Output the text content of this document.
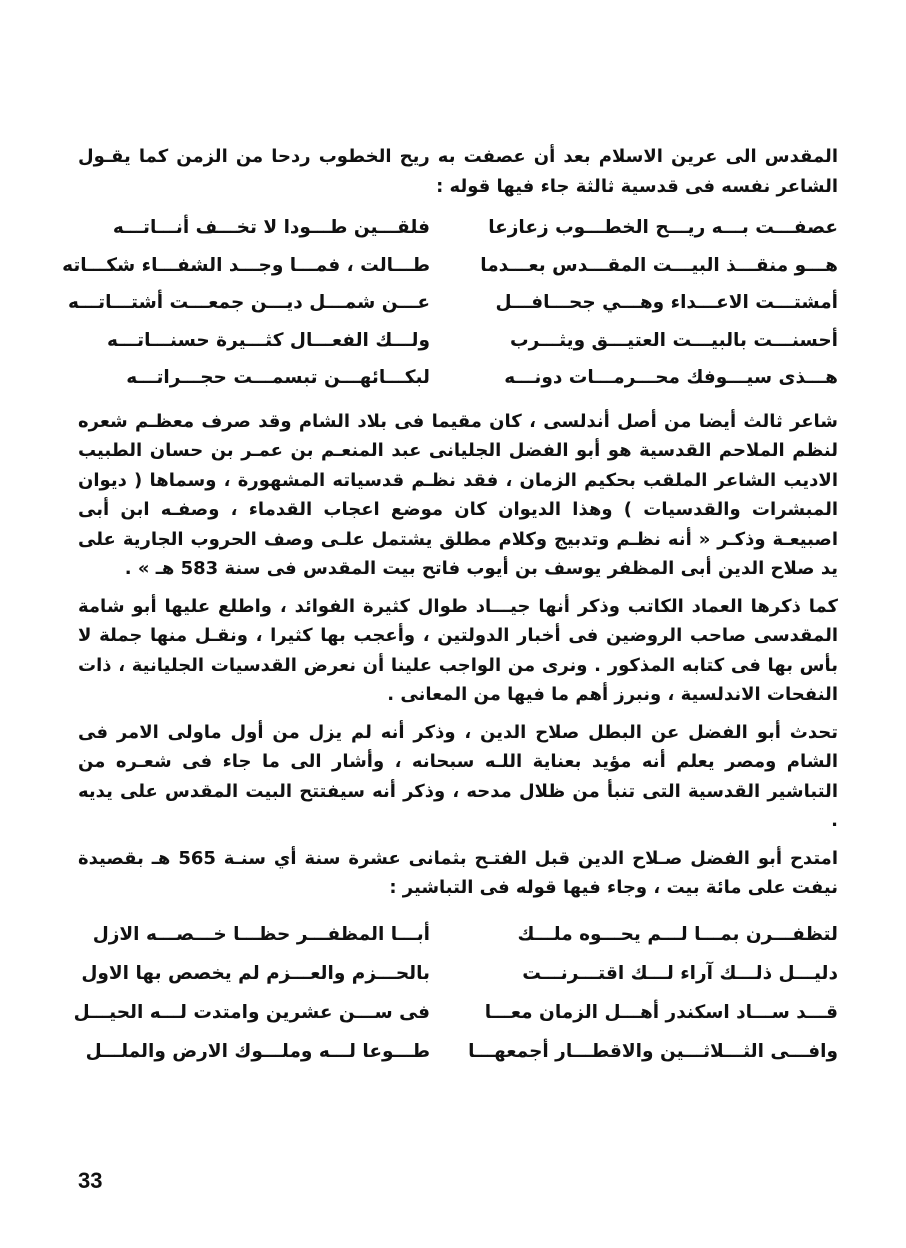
المقدس الى عرين الاسلام بعد أن عصفت به ريح الخطوب ردحا من الزمن كما يقـول الشاعر نفسه فى قدسية ثالثة جاء فيها قوله :

عصفـــت بـــه ريـــح الخطـــوب زعازعا
فلقـــين طـــودا لا تخـــف أنـــاتـــه
هـــو منقـــذ البيـــت المقـــدس بعـــدما
طـــالت ، فمـــا وجـــد الشفـــاء شكـــاته
أمشتـــت الاعـــداء وهـــي جحـــافـــل
عـــن شمـــل ديـــن جمعـــت أشتـــاتـــه
أحسنـــت بالبيـــت العتيـــق ويثـــرب
ولـــك الفعـــال كثـــيرة حسنـــاتـــه
هـــذى سيـــوفك محـــرمـــات دونـــه
لبكـــائهـــن تبسمـــت حجـــراتـــه

شاعر ثالث أيضا من أصل أندلسى ، كان مقيما فى بلاد الشام وقد صرف معظـم شعره لنظم الملاحم القدسية هو أبو الفضل الجليانى عبد المنعـم بن عمـر بن حسان الطبيب الاديب الشاعر الملقب بحكيم الزمان ، فقد نظـم قدسياته المشهورة ، وسماها ( ديوان المبشرات والقدسيات ) وهذا الديوان كان موضع اعجاب القدماء ، وصفـه ابن أبى اصبيعـة وذكـر « أنه نظـم وتدبيج وكلام مطلق يشتمل علـى وصف الحروب الجارية على يد صلاح الدين أبى المظفر يوسف بن أيوب فاتح بيت المقدس فى سنة 583 هـ » .

كما ذكرها العماد الكاتب وذكر أنها جيـــاد طوال كثيرة الفوائد ، واطلع عليها أبو شامة المقدسى صاحب الروضين فى أخبار الدولتين ، وأعجب بها كثيرا ، ونقـل منها جملة لا بأس بها فى كتابه المذكور . ونرى من الواجب علينا أن نعرض القدسيات الجليانية ، ذات النفحات الاندلسية ، ونبرز أهم ما فيها من المعانى .

تحدث أبو الفضل عن البطل صلاح الدين ، وذكر أنه لم يزل من أول ماولى الامر فى الشام ومصر يعلم أنه مؤيد بعناية اللـه سبحانه ، وأشار الى ما جاء فى شعـره من التباشير القدسية التى تنبأ من ظلال مدحه ، وذكر أنه سيفتتح البيت المقدس على يديه .

امتدح أبو الفضل صـلاح الدين قبل الفتـح بثمانى عشرة سنة أي سنـة 565 هـ بقصيدة نيفت على مائة بيت ، وجاء فيها قوله فى التباشير :

لتظفـــرن بمـــا لـــم يحـــوه ملـــك
أبـــا المظفـــر حظـــا خـــصـــه الازل
دليـــل ذلـــك آراء لـــك اقتـــرنـــت
بالحـــزم والعـــزم لم يخصص بها الاول
قـــد ســـاد اسكندر أهـــل الزمان معـــا
فى ســـن عشرين وامتدت لـــه الحيـــل
وافـــى الثـــلاثـــين والاقطـــار أجمعهـــا
طـــوعا لـــه وملـــوك الارض والملـــل
33
